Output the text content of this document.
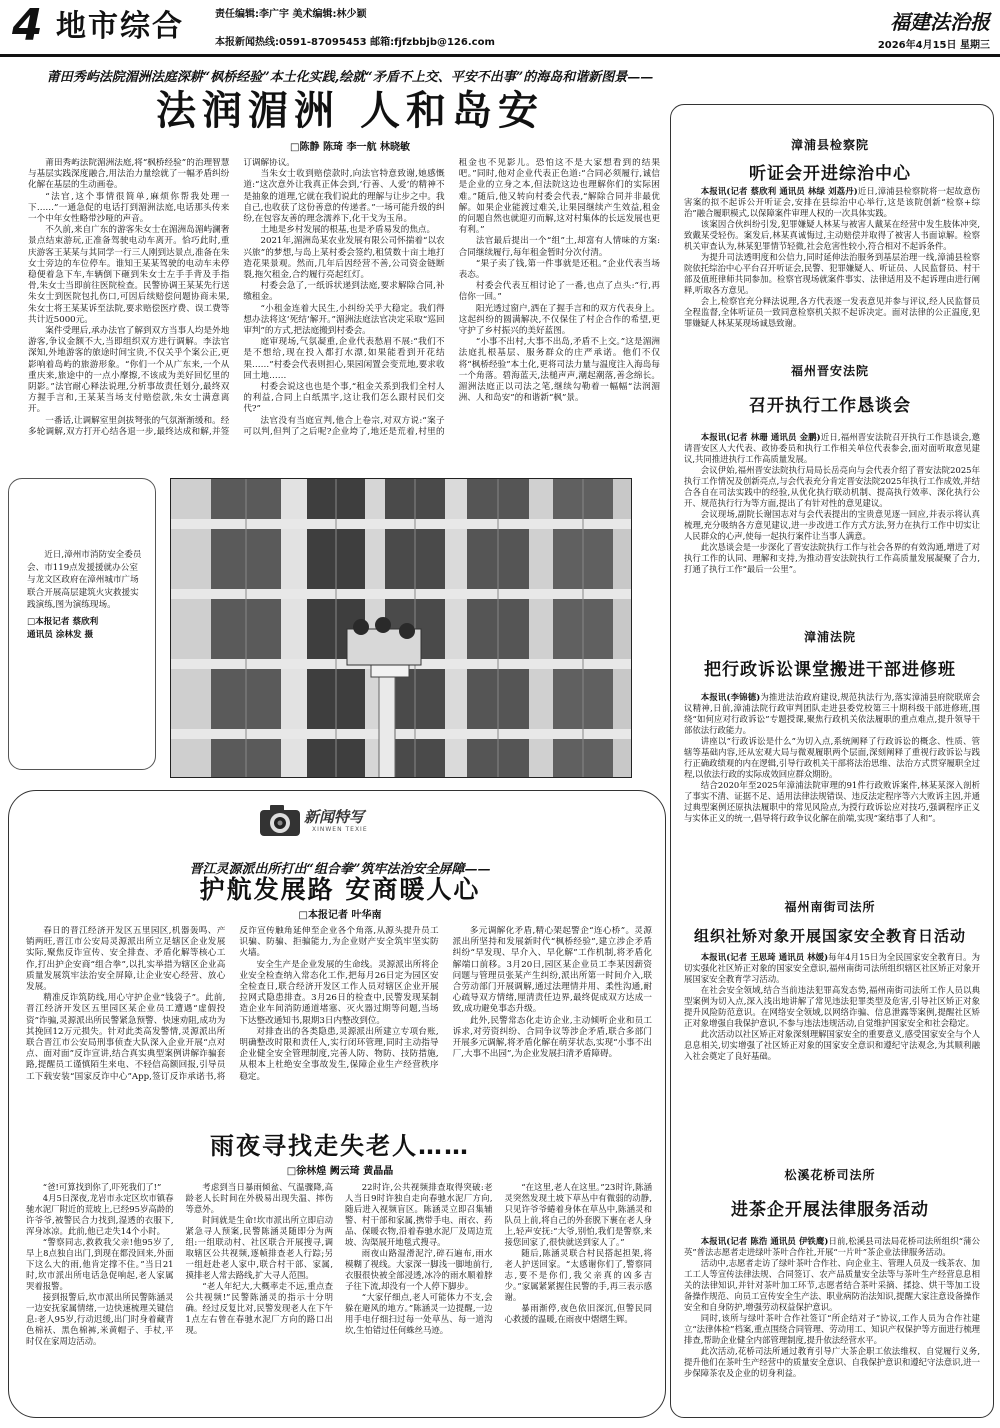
4 地市综合	责任编辑:李广宇 美术编辑:林少颖
本报新闻热线:0591-87095453 邮箱:fjfzbbjb@126.com
福建法治报
2026年4月15日 星期三
莆田秀屿法院湄洲法庭深耕“枫桥经验”本土化实践,绘就“矛盾不上交、平安不出事”的海岛和谐新图景——
法润湄洲 人和岛安
□陈静 陈琦 李一航 林晓敏

莆田秀屿法院湄洲法庭,将“枫桥经验”的治理智慧与基层实践深度融合,用法治力量绘就了一幅矛盾纠纷化解在基层的生动画卷。

“法官,这个事情很简单,麻烦你帮我处理一下……”一通急促的电话打到湄洲法庭,电话那头传来一个中年女性略带沙哑的声音。

不久前,来自广东的游客朱女士在湄洲岛湄屿澜奢景点结束游玩,正准备驾驶电动车离开。恰巧此时,重庆游客王某某与其同学一行三人刚到达景点,准备在朱女士旁边的车位停车。谁知王某某驾驶的电动车未停稳便着急下车,车辆倒下砸到朱女士左手手背及手指骨,朱女士当即前往医院检查。民警协调王某某先行送朱女士到医院包扎伤口,可因后续赔偿问题协商未果,朱女士将王某某诉至法院,要求赔偿医疗费、误工费等共计近5000元。

案件受理后,承办法官了解到双方当事人均是外地游客,争议金额不大,当即组织双方进行调解。李法官深知,外地游客的旅途时间宝贵,不仅关乎个案公正,更影响着岛屿的旅游形象。“你们一个从广东来,一个从重庆来,旅途中的一点小摩擦,不该成为美好回忆里的阴影。”法官耐心释法说理,分析事故责任划分,最终双方握手言和,王某某当场支付赔偿款,朱女士满意离开。

一番话,让调解室里剑拔弩张的气氛渐渐缓和。经多轮调解,双方打开心结各退一步,最终达成和解,并签订调解协议。

当朱女士收到赔偿款时,向法官特意致谢,她感慨道:“这次意外让我真正体会到,‘行善、人爱’的精神不是抽象的道理,它就在我们说此的理解与让步之中。我自己,也收获了这份善意的传递者。”一场可能升级的纠纷,在包容友善的理念濡养下,化干戈为玉帛。

土地是乡村发展的根基,也是矛盾易发的焦点。

2021年,湄洲岛某农业发展有限公司怀揣着“以农兴旅”的梦想,与岛上某村委会签约,租赁数十亩土地打造花果景观。然而,几年后因经营不善,公司资金链断裂,拖欠租金,合约履行亮起红灯。

村委会急了,一纸诉状递到法庭,要求解除合同,补缴租金。

“小租金连着大民生,小纠纷关乎大稳定。我们得想办法将这‘死结’解开。”湄洲法庭法官决定采取“巡回审判”的方式,把法庭搬到村委会。

庭审现场,气氛凝重,企业代表愁眉不展:“我们不是不想给,现在投入都打水漂,如果能看到开花结果……”村委会代表则担心,果园闲置会变荒地,要求收回土地……

村委会说这也也是个事,“租金关系到我们全村人的利益,合同上白纸黑字,这让我们怎么跟村民们交代?”

法官没有当庭宣判,他合上卷宗,对双方说:“案子可以判,但判了之后呢?企业垮了,地还是荒着,村里的租金也不见影儿。恐怕这不是大家想看到的结果吧。”同时,他对企业代表正色道:“合同必须履行,诚信是企业的立身之本,但法院这边也理解你们的实际困难。”随后,他又转向村委会代表,“解除合同并非最优解。如果企业能渡过难关,让果园继续产生效益,租金的问题自然也就迎刃而解,这对村集体的长远发展也更有利。”

法官最后提出一个“组”土,却富有人情味的方案:合同继续履行,每年租金暂时分次付清。

“果子卖了钱,第一件事就是还租。”企业代表当场表态。

村委会代表互相讨论了一番,也点了点头:“行,再信你一回。”

阳光透过窗户,洒在了握手言和的双方代表身上。这起纠纷的圆满解决,不仅保住了村企合作的希望,更守护了乡村振兴的美好蓝图。

“小事不出村,大事不出岛,矛盾不上交。”这是湄洲法庭扎根基层、服务群众的庄严承诺。他们不仅将“枫桥经验”本土化,更将司法力量与温度注入海岛每一个角落。碧海蓝天,法槌声声,潮起潮落,善念绵长。湄洲法庭正以司法之笔,继续勾勒着一幅幅“法润湄洲、人和岛安”的和谐新“枫”景。

近日,漳州市消防安全委员会、市119点发援援就办公室与龙文区政府在漳州城市广场联合开展高层建筑火灾救援实践演练,图为演练现场。

□本报记者 蔡欣利
通讯员 涂林发 摄

新闻特写
XINWEN TEXIE
晋江灵源派出所打出“组合拳”筑牢法治安全屏障——
护航发展路 安商暖人心
□本报记者 叶华南

春日的晋江经济开发区五里园区,机器轰鸣、产销两旺,晋江市公安局灵源派出所立足辖区企业发展实际,聚焦反诈宣传、安全排查、矛盾化解等核心工作,打出护企安商“组合拳”,以扎实举措为辖区企业高质量发展筑牢法治安全屏障,让企业安心经营、放心发展。

精准反诈筑防线,用心守护企业“钱袋子”。此前,晋江经济开发区五里园区某企业员工遭遇“虚假投资”诈骗,灵源派出所民警紧急预警、快速劝阻,成功为其挽回12万元损失。针对此类高发警情,灵源派出所联合晋江市公安局刑事侦查大队深入企业开展“点对点、面对面”反诈宣讲,结合真实典型案例讲解诈骗套路,提醒员工谨慎陌生来电、不轻信高额回报,引导员工下载安装“国家反诈中心”App,签订反诈承诺书,将反诈宣传触角延伸至企业各个角落,从源头提升员工识骗、防骗、拒骗能力,为企业财产安全筑牢坚实防火墙。

安全生产是企业发展的生命线。灵源派出所将企业安全检查纳入常态化工作,把每月26日定为园区安全检查日,联合经济开发区工作人员对辖区企业开展拉网式隐患排查。3月26日的检查中,民警发现某制造企业车间消防通道堵塞、灭火器过期等问题,当场下达整改通知书,限期3日内整改到位。

对排查出的各类隐患,灵源派出所建立专项台账,明确整改时限和责任人,实行闭环管理,同时主动指导企业健全安全管理制度,完善人防、物防、技防措施,从根本上杜绝安全事故发生,保障企业生产经营秩序稳定。

多元调解化矛盾,精心架起警企“连心桥”。灵源派出所坚持和发展新时代“枫桥经验”,建立涉企矛盾纠纷“早发现、早介入、早化解”工作机制,将矛盾化解端口前移。3月20日,园区某企业员工李某因薪资问题与管理员张某产生纠纷,派出所第一时间介入,联合劳动部门开展调解,通过法理情并用、柔性沟通,耐心疏导双方情绪,厘清责任边界,最终促成双方达成一致,成功避免事态升级。

此外,民警常态化走访企业,主动倾听企业和员工诉求,对劳资纠纷、合同争议等涉企矛盾,联合多部门开展多元调解,将矛盾化解在萌芽状态,实现“小事不出厂,大事不出园”,为企业发展扫清矛盾障碍。

雨夜寻找走失老人……
□徐林煌 阙云琦 黄晶晶

“爸!可算找到你了,吓死我们了!”

4月5日深夜,龙岩市永定区坎市镇春驰水泥厂附近的荒坡上,已经95岁高龄的许爷爷,被警民合力找到,湿透的衣服下,浑身冰凉。此前,他已走失14个小时。

“警察同志,救救我父亲!他95岁了,早上8点独自出门,到现在都没回来,外面下这么大的雨,他肯定撑不住。”当日21时,坎市派出所电话急促响起,老人家属哭着报警。

接到报警后,坎市派出所民警陈涵灵一边安抚家属情绪,一边快速梳理关键信息:老人95岁,行动迟缓,出门时身着藏青色棉袄、黑色棉裤,米黄帽子、手杖,平时仅在家周边活动。

考虑到当日暴雨倾盆、气温骤降,高龄老人长时间在外极易出现失温、摔伤等意外。

时间就是生命!坎市派出所立即启动紧急寻人预案,民警陈涵灵随即分为两组:一组联动村、社区联合开展搜寻,调取辖区公共视频,逐帧排查老人行踪;另一组赶赴老人家中,联合村干部、家属,摸排老人常去路线,扩大寻人范围。

“老人年纪大,大概率走不远,重点查公共视频!”民警陈涵灵的指示十分明确。经过反复比对,民警发现老人在下午1点左右曾在春驰水泥厂方向的路口出现。

22时许,公共视频排查取得突破:老人当日9时许独自走向春驰水泥厂方向,随后进入视频盲区。陈涵灵立即召集辅警、村干部和家属,携带手电、雨衣、药品、保暖衣物,沿着春驰水泥厂及周边荒坡、沟渠展开地毯式搜寻。

雨夜山路湿滑泥泞,碎石遍布,雨水模糊了视线。大家深一脚浅一脚地前行,衣服很快被全部浸透,冰冷的雨水顺着脖子往下流,却没有一个人停下脚步。

“大家仔细点,老人可能体力不支,会躲在避风的地方。”陈涵灵一边提醒,一边用手电仔细扫过每一处草丛、每一道沟坎,生怕错过任何蛛丝马迹。

“在这里,老人在这里。”23时许,陈涵灵突然发现土坡下草丛中有微弱的动静,只见许爷爷蜷着身体在草丛中,陈涵灵和队员上前,将自己的外套脱下裹在老人身上,轻声安抚:“大爷,别怕,我们是警察,来接您回家了,很快就送到家人了。”

随后,陈涵灵联合村民搭起担架,将老人护送回家。“太感谢你们了,警察同志,要不是你们,我父亲真的凶多吉少。”家属紧紧握住民警的手,再三表示感谢。

暴雨渐停,夜色依旧深沉,但警民同心救援的温暖,在雨夜中熠熠生辉。

漳浦县检察院
听证会开进综治中心

本报讯(记者 蔡欣利 通讯员 林绿 刘荔丹)近日,漳浦县检察院将一起故意伤害案的拟不起诉公开听证会,安排在县综治中心举行,这是该院创新“检察+综治”融合履职模式,以保障案件审理人权的一次具体实践。

该案因合伙纠纷引发,犯罪嫌疑人林某与被害人戴某在经营中发生肢体冲突,致戴某受轻伤。案发后,林某真诚悔过,主动赔偿并取得了被害人书面谅解。检察机关审查认为,林某犯罪情节轻微,社会危害性较小,符合相对不起诉条件。

为提升司法透明度和公信力,同时延伸法治服务到基层治理一线,漳浦县检察院依托综治中心平台召开听证会,民警、犯罪嫌疑人、听证员、人民监督员、村干部及值班律师共同参加。检察官现场就案件事实、法律适用及不起诉理由进行阐释,听取各方意见。

会上,检察官充分释法说理,各方代表逐一发表意见并参与评议,经人民监督员全程监督,全体听证员一致同意检察机关拟不起诉决定。面对法律的公正温度,犯罪嫌疑人林某某现场诚恳致谢。

福州晋安法院
召开执行工作恳谈会

本报讯(记者 林珊 通讯员 金鹏)近日,福州晋安法院召开执行工作恳谈会,邀请晋安区人大代表、政协委员和执行工作相关单位代表参会,面对面听取意见建议,共同推进执行工作高质量发展。

会议伊始,福州晋安法院执行局局长岳亮向与会代表介绍了晋安法院2025年执行工作情况及创新亮点,与会代表充分肯定晋安法院2025年执行工作成效,并结合各自在司法实践中的经验,从优化执行联动机制、提高执行效率、深化执行公开、规范执行行为等方面,提出了有针对性的意见建议。

会议现场,副院长谢国志对与会代表提出的宝贵意见逐一回应,并表示将认真梳理,充分吸纳各方意见建议,进一步改进工作方式方法,努力在执行工作中切实让人民群众的心声,使每一起执行案件让当事人满意。

此次恳谈会是一步深化了晋安法院执行工作与社会各界的有效沟通,增进了对执行工作的认同、理解和支持,为推动晋安法院执行工作高质量发展凝聚了合力,打通了执行工作“最后一公里”。

漳浦法院
把行政诉讼课堂搬进干部进修班

本报讯(李锦德)为推进法治政府建设,规范执法行为,落实漳浦县府院联席会议精神,日前,漳浦法院行政审判团队走进县委党校第三十期科级干部进修班,围绕“如何应对行政诉讼”专题授课,聚焦行政机关依法履职的重点难点,提升领导干部依法行政能力。

讲座以“行政诉讼是什么”为切入点,系统阐释了行政诉讼的概念、性质、管辖等基础内容,还从宏观大局与微观履职两个层面,深刻阐释了重视行政诉讼与践行正确政绩观的内在逻辑,引导行政机关干部将法治思维、法治方式贯穿履职全过程,以依法行政的实际成效回应群众期盼。

结合2020年至2025年漳浦法院审理的91件行政败诉案件,林某某深入剖析了事实不清、证据不足、适用法律法规错误、违反法定程序等六大败诉主因,并通过典型案例还原执法履职中的常见风险点,为授行政诉讼应对技巧,强调程序正义与实体正义的统一,倡导将行政争议化解在前端,实现“案结事了人和”。

福州南街司法所
组织社矫对象开展国家安全教育日活动

本报讯(记者 王思琦 通讯员 林媛)每年4月15日为全民国家安全教育日。为切实强化社区矫正对象的国家安全意识,福州南街司法所组织辖区社区矫正对象开展国家安全教育学习活动。

在社会安全领域,结合当前违法犯罪高发态势,福州南街司法所工作人员以典型案例为切入点,深入浅出地讲解了常见违法犯罪类型及危害,引导社区矫正对象提升风险防范意识。在网络安全领域,以网络诈骗、信息泄露等案例,提醒社区矫正对象增强自我保护意识,不参与违法违规活动,自觉维护国家安全和社会稳定。

此次活动以社区矫正对象深刻理解国家安全的重要意义,感受国家安全与个人息息相关,切实增强了社区矫正对象的国家安全意识和遵纪守法观念,为其顺利融入社会奠定了良好基础。

松溪花桥司法所
进茶企开展法律服务活动

本报讯(记者 陈浩 通讯员 伊铁鹰)日前,松溪县司法局花桥司法所组织“蒲公英”普法志愿者走进绿叶茶叶合作社,开展“一片叶”茶企业法律服务活动。

活动中,志愿者走访了绿叶茶叶合作社、向企业主、管理人员及一线茶农、加工工人等宣传法律法规、合同签订、农产品质量安全法等与茶叶生产经营息息相关的法律知识,并针对茶叶加工环节,志愿者结合茶叶采摘、揉捻、烘干等加工设备操作规范、向员工宣传安全生产法、职业病防治法知识,提醒大家注意设备操作安全和自身防护,增强劳动权益保护意识。

同时,该所与绿叶茶叶合作社签订“所企结对子”协议,工作人员为合作社建立“法律体检”档案,重点围绕合同管理、劳动用工、知识产权保护等方面进行梳理排查,帮助企业健全内部管理制度,提升依法经营水平。

此次活动,花桥司法所通过教育引导广大茶企职工依法维权、自觉履行义务,提升他们在茶叶生产经营中的质量安全意识、自我保护意识和遵纪守法意识,进一步保障茶农及企业的切身利益。
